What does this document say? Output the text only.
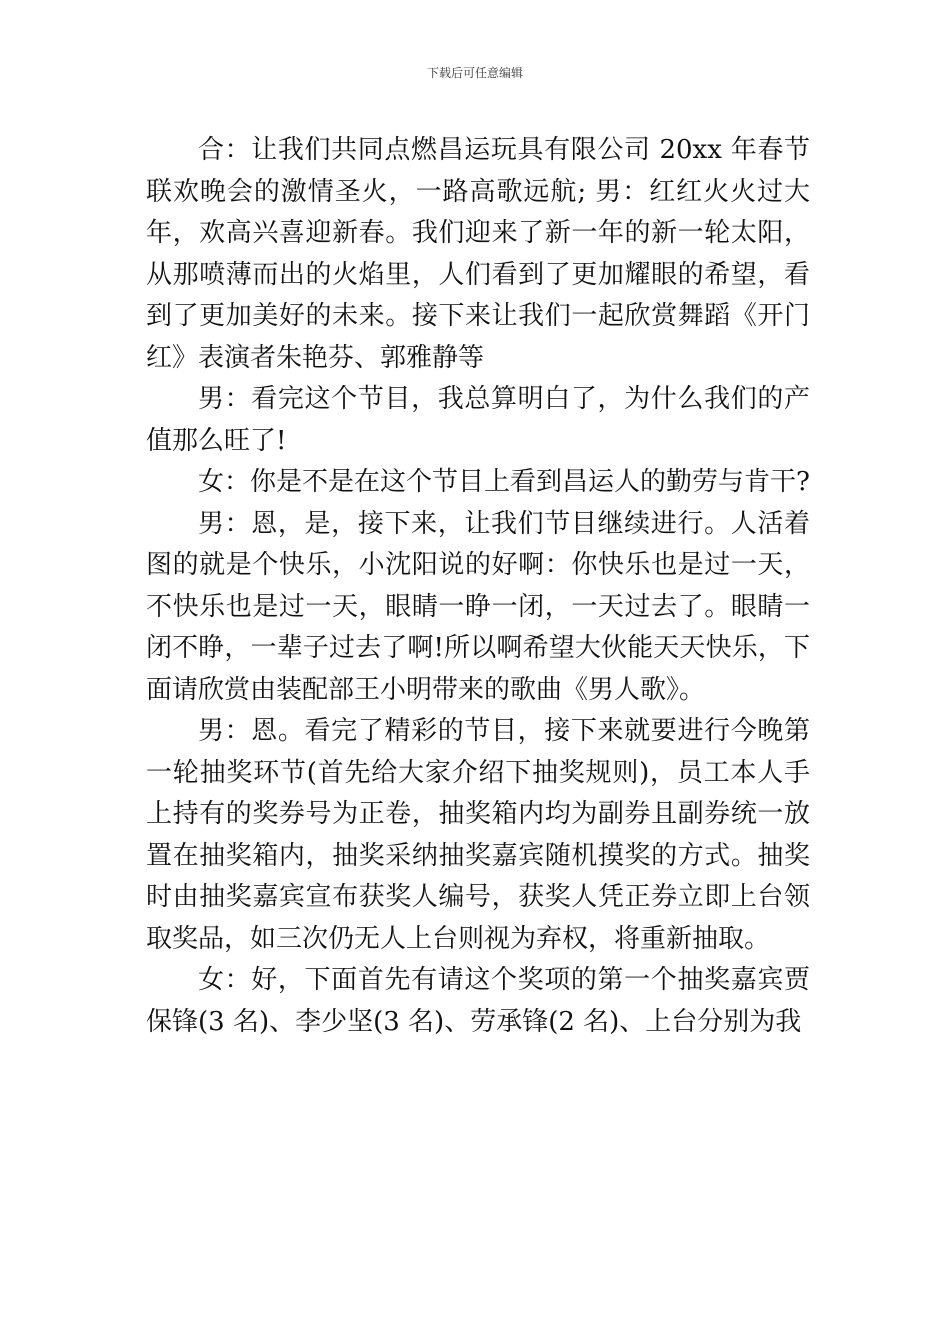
下载后可任意编辑

合：让我们共同点燃昌运玩具有限公司 20xx 年春节联欢晚会的激情圣火，一路高歌远航; 男：红红火火过大年，欢高兴喜迎新春。我们迎来了新一年的新一轮太阳，从那喷薄而出的火焰里，人们看到了更加耀眼的希望，看到了更加美好的未来。接下来让我们一起欣赏舞蹈《开门红》表演者朱艳芬、郭雅静等

男：看完这个节目，我总算明白了，为什么我们的产值那么旺了!

女：你是不是在这个节目上看到昌运人的勤劳与肯干?

男：恩，是，接下来，让我们节目继续进行。人活着图的就是个快乐，小沈阳说的好啊：你快乐也是过一天，不快乐也是过一天，眼睛一睁一闭，一天过去了。眼睛一闭不睁，一辈子过去了啊!所以啊希望大伙能天天快乐，下面请欣赏由装配部王小明带来的歌曲《男人歌》。

男：恩。看完了精彩的节目，接下来就要进行今晚第一轮抽奖环节(首先给大家介绍下抽奖规则)，员工本人手上持有的奖券号为正卷，抽奖箱内均为副券且副券统一放置在抽奖箱内，抽奖采纳抽奖嘉宾随机摸奖的方式。抽奖时由抽奖嘉宾宣布获奖人编号，获奖人凭正券立即上台领取奖品，如三次仍无人上台则视为弃权，将重新抽取。

女：好，下面首先有请这个奖项的第一个抽奖嘉宾贾保锋(3 名)、李少坚(3 名)、劳承锋(2 名)、上台分别为我
